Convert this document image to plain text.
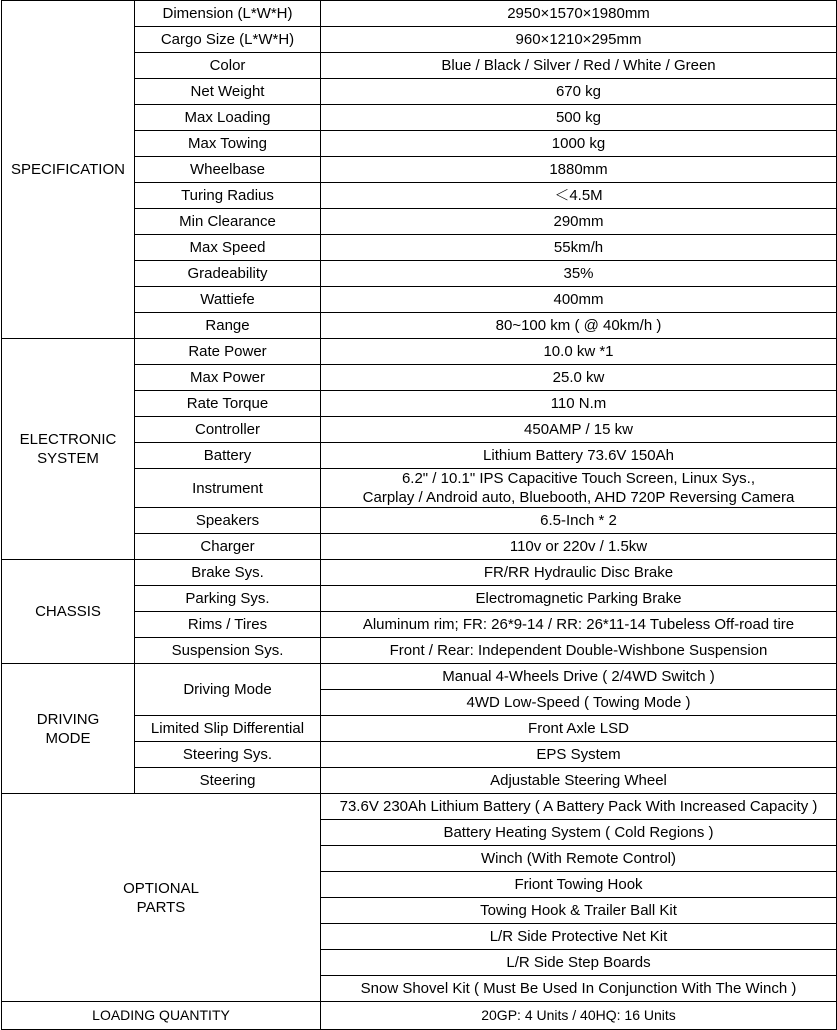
SPECIFICATION	Dimension (L*W*H)	2950×1570×1980mm
	Cargo Size (L*W*H)	960×1210×295mm
	Color	Blue / Black / Silver / Red / White / Green
	Net Weight	670 kg
	Max Loading	500 kg
	Max Towing	1000 kg
	Wheelbase	1880mm
	Turing Radius	＜4.5M
	Min Clearance	290mm
	Max Speed	55km/h
	Gradeability	35%
	Wattiefe	400mm
	Range	80~100 km ( @ 40km/h )

ELECTRONIC
SYSTEM	Rate Power	10.0 kw *1
	Max Power	25.0 kw
	Rate Torque	110 N.m
	Controller	450AMP / 15 kw
	Battery	Lithium Battery 73.6V 150Ah
	Instrument	6.2" / 10.1" IPS Capacitive Touch Screen, Linux Sys.,
Carplay / Android auto, Bluebooth, AHD 720P Reversing Camera

	Speakers	6.5-Inch * 2
	Charger	110v or 220v / 1.5kw
CHASSIS	Brake Sys.	FR/RR Hydraulic Disc Brake
	Parking Sys.	Electromagnetic Parking Brake
	Rims / Tires	Aluminum rim; FR: 26*9-14 / RR: 26*11-14 Tubeless Off-road tire
	Suspension Sys.	Front / Rear: Independent Double-Wishbone Suspension

DRIVING
MODE	Driving Mode	Manual 4-Wheels Drive ( 2/4WD Switch )
		4WD Low-Speed ( Towing Mode )
	Limited Slip Differential	Front Axle LSD
	Steering Sys.	EPS System
	Steering	Adjustable Steering Wheel

OPTIONAL
PARTS		73.6V 230Ah Lithium Battery ( A Battery Pack With Increased Capacity )
		Battery Heating System ( Cold Regions )
		Winch (With Remote Control)
		Friont Towing Hook
		Towing Hook & Trailer Ball Kit
		L/R Side Protective Net Kit
		L/R Side Step Boards
		Snow Shovel Kit ( Must Be Used In Conjunction With The Winch )
LOADING QUANTITY		20GP: 4 Units / 40HQ: 16 Units
